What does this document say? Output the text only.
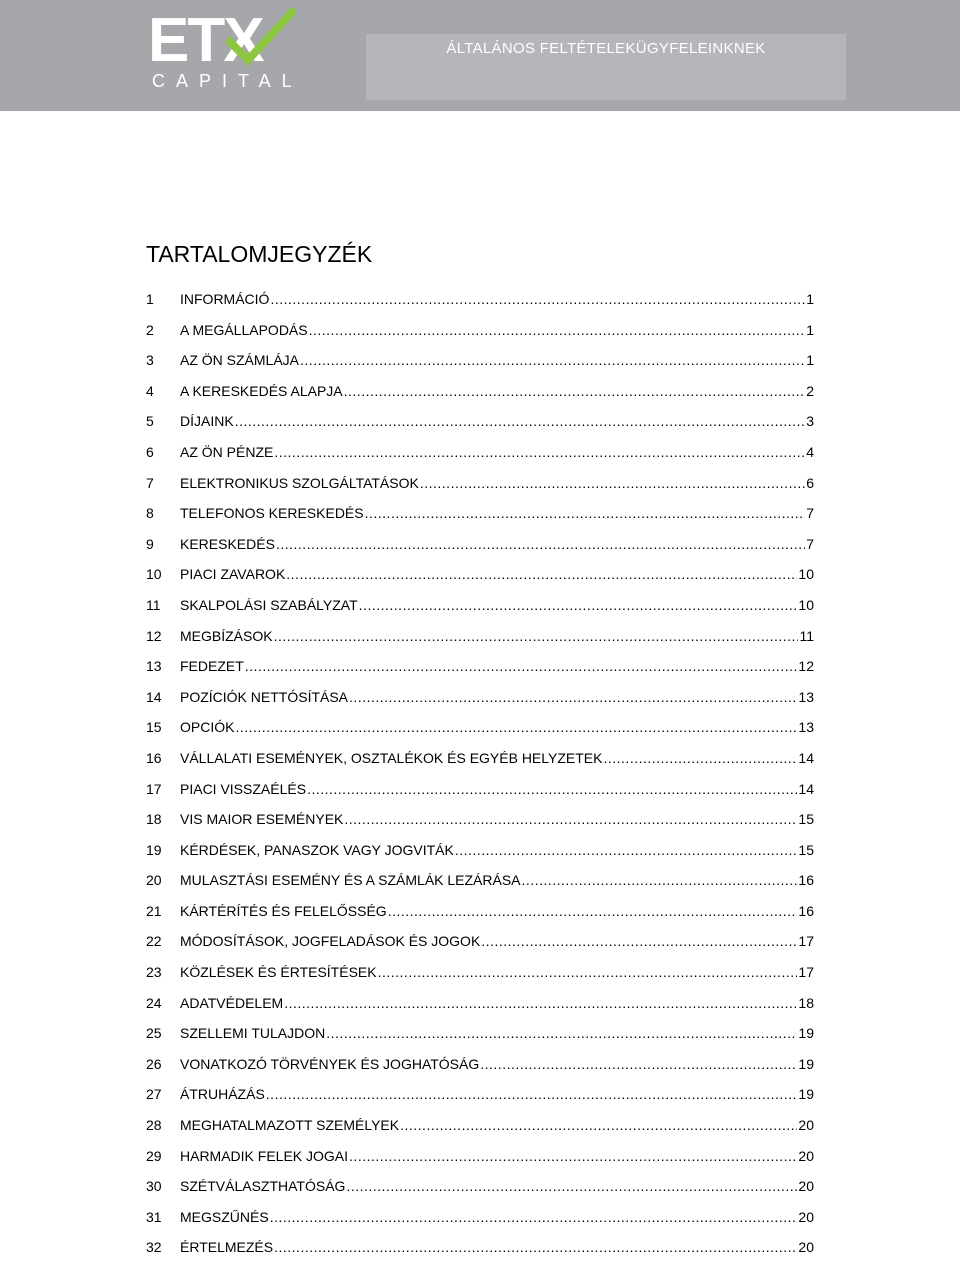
ETX
CAPITAL
ÁLTALÁNOS FELTÉTELEKÜGYFELEINKNEK
TARTALOMJEGYZÉK
1	INFORMÁCIÓ .....	1
2	A MEGÁLLAPODÁS .....	1
3	AZ ÖN SZÁMLÁJA .....	1
4	A KERESKEDÉS ALAPJA .....	2
5	DÍJAINK .....	3
6	AZ ÖN PÉNZE .....	4
7	ELEKTRONIKUS SZOLGÁLTATÁSOK .....	6
8	TELEFONOS KERESKEDÉS .....	7
9	KERESKEDÉS .....	7
10	PIACI ZAVAROK .....	10
11	SKALPOLÁSI SZABÁLYZAT .....	10
12	MEGBÍZÁSOK .....	11
13	FEDEZET .....	12
14	POZÍCIÓK NETTÓSÍTÁSA .....	13
15	OPCIÓK .....	13
16	VÁLLALATI ESEMÉNYEK, OSZTALÉKOK ÉS EGYÉB HELYZETEK .....	14
17	PIACI VISSZAÉLÉS .....	14
18	VIS MAIOR ESEMÉNYEK .....	15
19	KÉRDÉSEK, PANASZOK VAGY JOGVITÁK .....	15
20	MULASZTÁSI ESEMÉNY ÉS A SZÁMLÁK LEZÁRÁSA .....	16
21	KÁRTÉRÍTÉS ÉS FELELŐSSÉG .....	16
22	MÓDOSÍTÁSOK, JOGFELADÁSOK ÉS JOGOK .....	17
23	KÖZLÉSEK ÉS ÉRTESÍTÉSEK .....	17
24	ADATVÉDELEM .....	18
25	SZELLEMI TULAJDON .....	19
26	VONATKOZÓ TÖRVÉNYEK ÉS JOGHATÓSÁG .....	19
27	ÁTRUHÁZÁS .....	19
28	MEGHATALMAZOTT SZEMÉLYEK .....	20
29	HARMADIK FELEK JOGAI .....	20
30	SZÉTVÁLASZTHATÓSÁG .....	20
31	MEGSZŰNÉS .....	20
32	ÉRTELMEZÉS .....	20
